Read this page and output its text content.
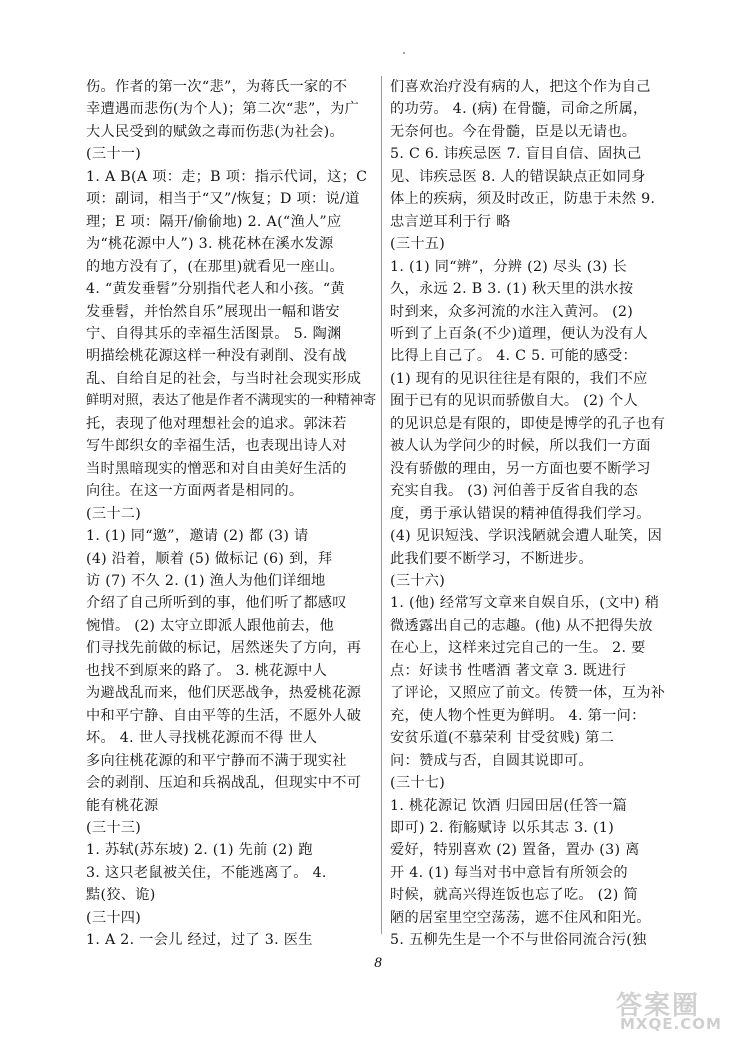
伤。作者的第一次“悲”，为蒋氏一家的不
幸遭遇而悲伤(为个人)；第二次“悲”，为广
大人民受到的赋敛之毒而伤悲(为社会)。
(三十一)
1. A B(A 项：走；B 项：指示代词，这；C
项：副词，相当于“又”/恢复；D 项：说/道
理；E 项：隔开/偷偷地) 2. A(“渔人”应
为“桃花源中人”) 3. 桃花林在溪水发源
的地方没有了，(在那里)就看见一座山。
4. “黄发垂髫”分别指代老人和小孩。“黄
发垂髫，并怡然自乐”展现出一幅和谐安
宁、自得其乐的幸福生活图景。 5. 陶渊
明描绘桃花源这样一种没有剥削、没有战
乱、自给自足的社会，与当时社会现实形成
鲜明对照，表达了他是作者不满现实的一种精神寄
托，表现了他对理想社会的追求。郭沫若
写牛郎织女的幸福生活，也表现出诗人对
当时黑暗现实的憎恶和对自由美好生活的
向往。在这一方面两者是相同的。
(三十二)
1. (1) 同“邀”，邀请 (2) 都 (3) 请
(4) 沿着，顺着 (5) 做标记 (6) 到，拜
访 (7) 不久 2. (1) 渔人为他们详细地
介绍了自己所听到的事，他们听了都感叹
惋惜。 (2) 太守立即派人跟他前去，他
们寻找先前做的标记，居然迷失了方向，再
也找不到原来的路了。 3. 桃花源中人
为避战乱而来，他们厌恶战争，热爱桃花源
中和平宁静、自由平等的生活，不愿外人破
坏。 4. 世人寻找桃花源而不得 世人
多向往桃花源的和平宁静而不满于现实社
会的剥削、压迫和兵祸战乱，但现实中不可
能有桃花源
(三十三)
1. 苏轼(苏东坡) 2. (1) 先前 (2) 跑
3. 这只老鼠被关住，不能逃离了。 4.
黠(狡、诡)
(三十四)
1. A 2. 一会儿 经过，过了 3. 医生
们喜欢治疗没有病的人，把这个作为自己
的功劳。 4. (病) 在骨髓，司命之所属，
无奈何也。今在骨髓，臣是以无请也。
5. C 6. 讳疾忌医 7. 盲目自信、固执己
见、讳疾忌医 8. 人的错误缺点正如同身
体上的疾病，须及时改正，防患于未然 9.
忠言逆耳利于行 略
(三十五)
1. (1) 同“辨”，分辨 (2) 尽头 (3) 长
久，永远 2. B 3. (1) 秋天里的洪水按
时到来，众多河流的水注入黄河。 (2)
听到了上百条(不少)道理，便认为没有人
比得上自己了。 4. C 5. 可能的感受：
(1) 现有的见识往往是有限的，我们不应
囿于已有的见识而骄傲自大。 (2) 个人
的见识总是有限的，即使是博学的孔子也有
被人认为学问少的时候，所以我们一方面
没有骄傲的理由，另一方面也要不断学习
充实自我。 (3) 河伯善于反省自我的态
度，勇于承认错误的精神值得我们学习。
(4) 见识短浅、学识浅陋就会遭人耻笑，因
此我们要不断学习，不断进步。
(三十六)
1. (他) 经常写文章来自娱自乐，(文中) 稍
微透露出自己的志趣。(他) 从不把得失放
在心上，这样来过完自己的一生。 2. 要
点：好读书 性嗜酒 著文章 3. 既进行
了评论，又照应了前文。传赞一体，互为补
充，使人物个性更为鲜明。 4. 第一问：
安贫乐道(不慕荣利 甘受贫贱) 第二
问：赞成与否，自圆其说即可。
(三十七)
1. 桃花源记 饮酒 归园田居(任答一篇
即可) 2. 衔觞赋诗 以乐其志 3. (1)
爱好，特别喜欢 (2) 置备，置办 (3) 离
开 4. (1) 每当对书中意旨有所领会的
时候，就高兴得连饭也忘了吃。 (2) 简
陋的居室里空空荡荡，遮不住风和阳光。
5. 五柳先生是一个不与世俗同流合污(独
8
答案圈
MXQE.COM
